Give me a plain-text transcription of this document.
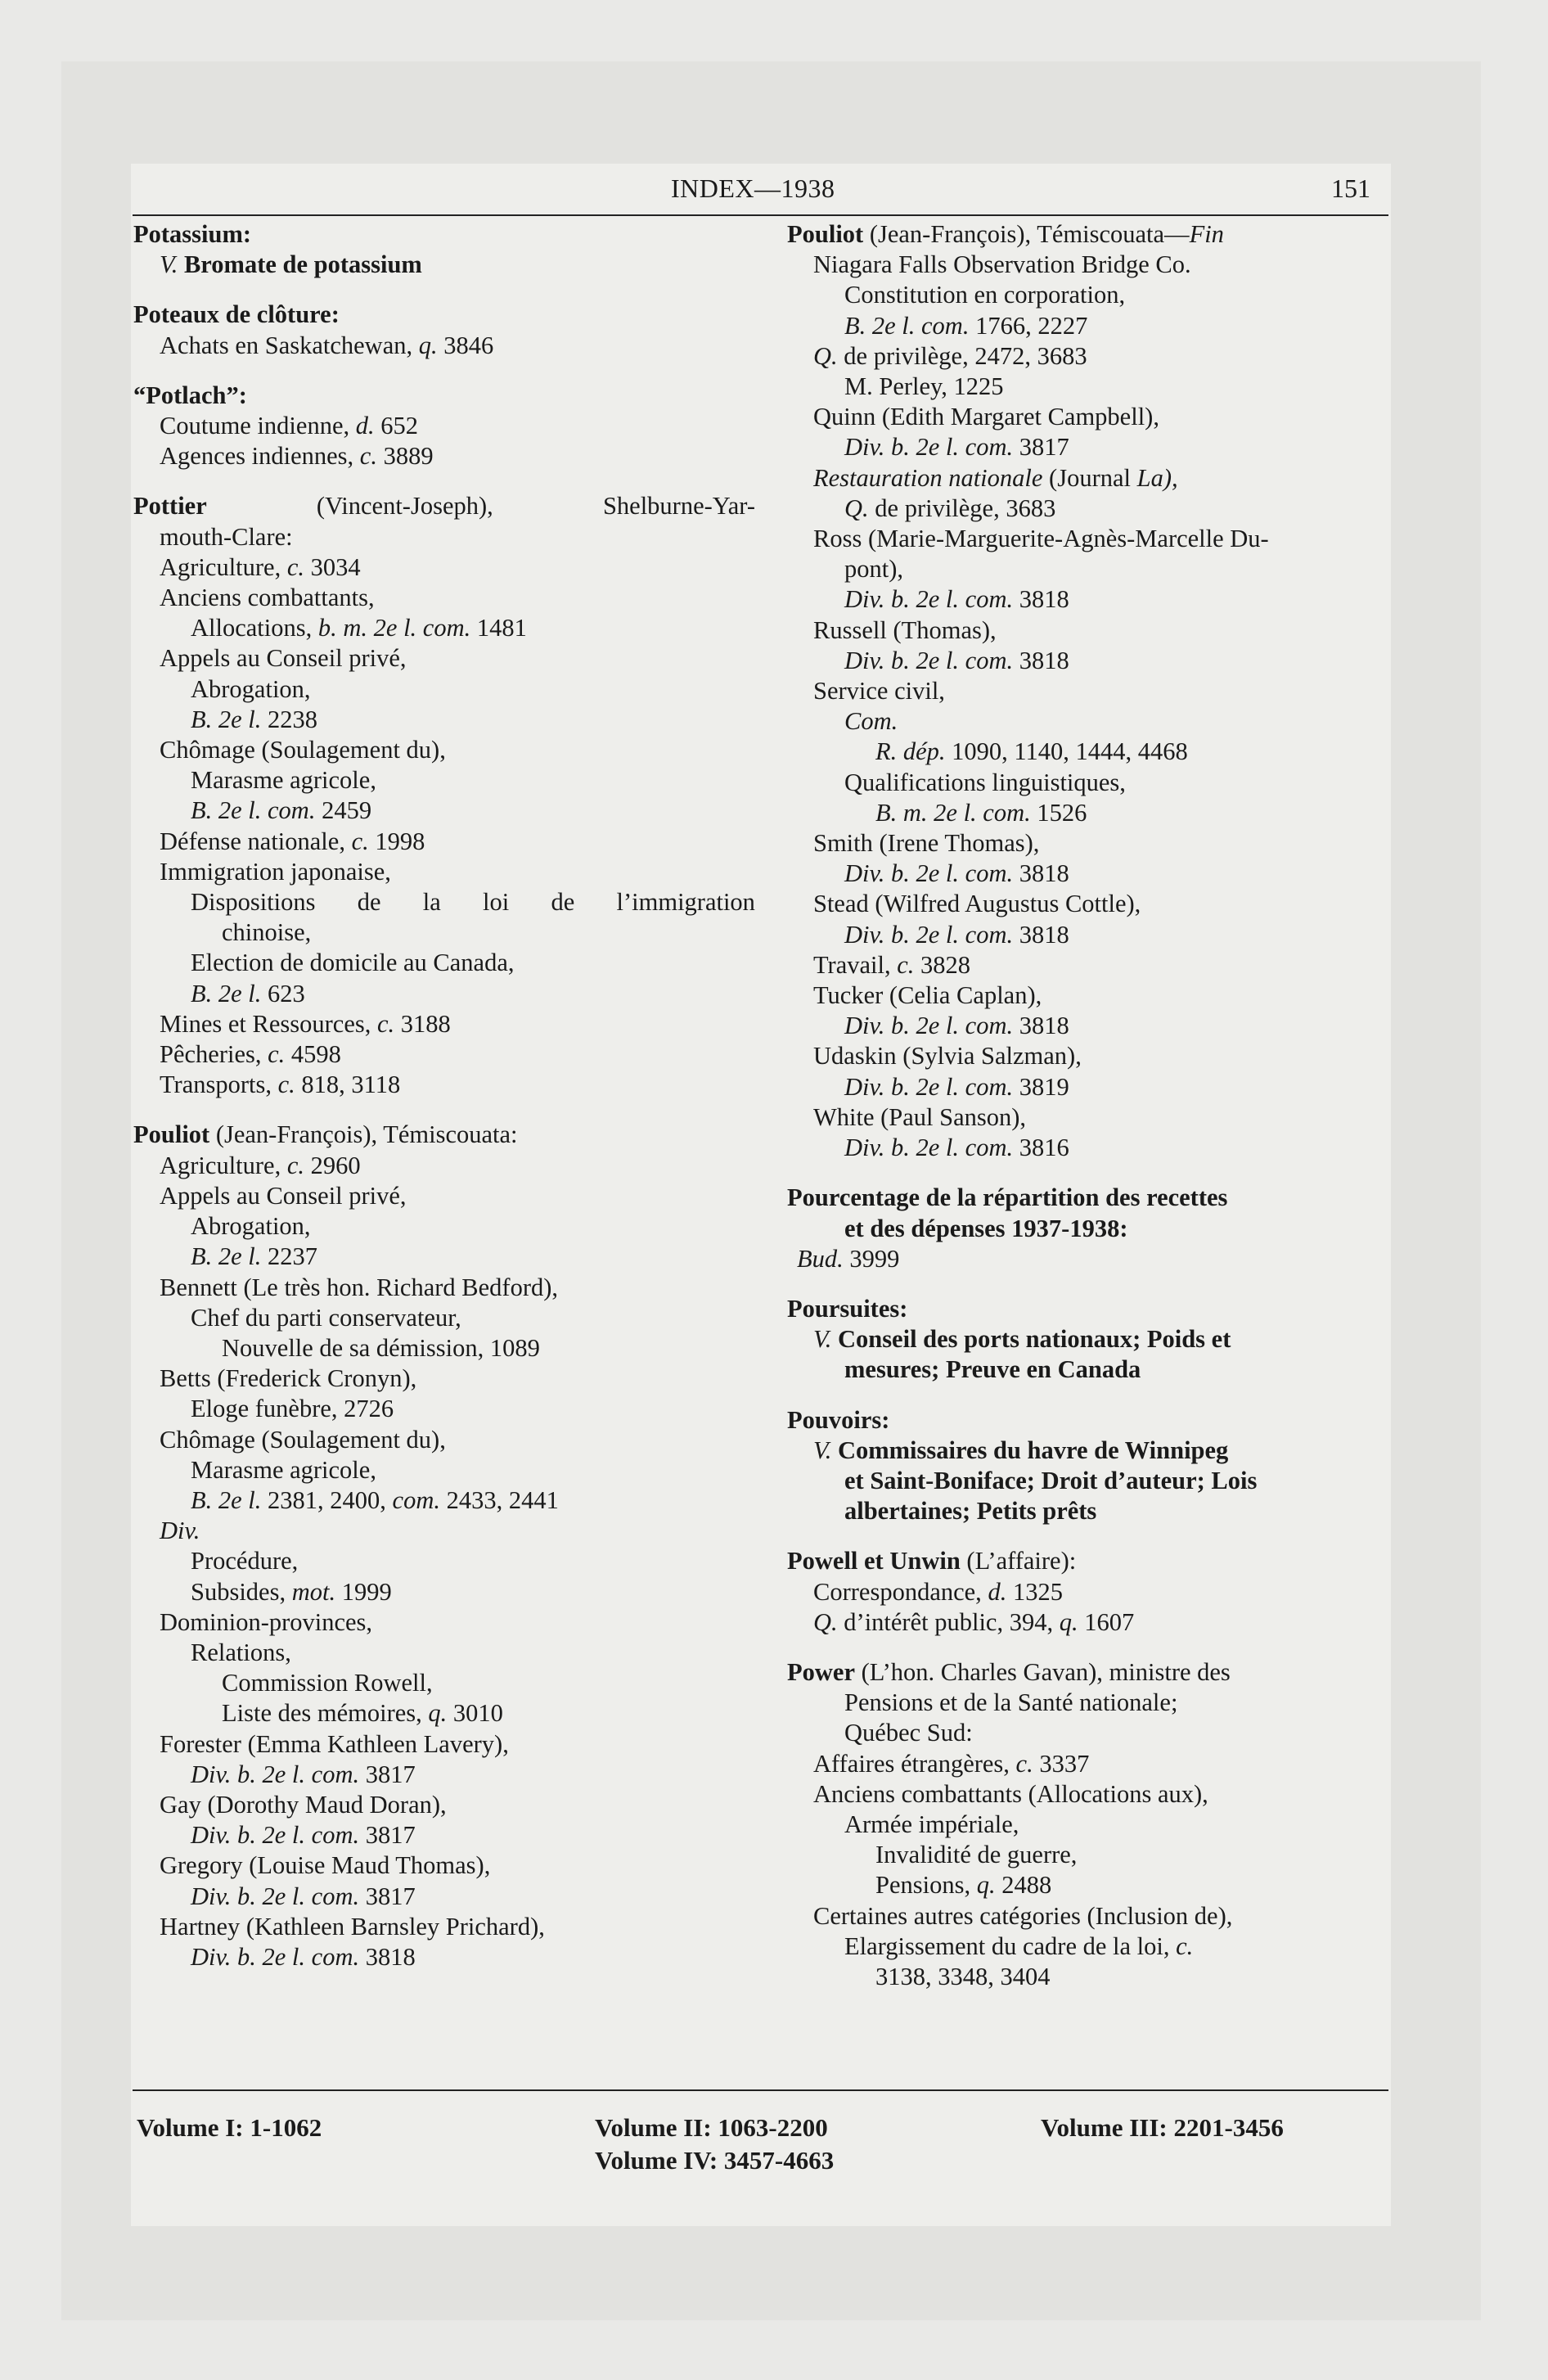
INDEX—1938	151
Potassium:
V. Bromate de potassium
Poteaux de clôture:
Achats en Saskatchewan, q. 3846
“Potlach”:
Coutume indienne, d. 652
Agences indiennes, c. 3889
Pottier	(Vincent-Joseph),	Shelburne-Yar-
mouth-Clare:
Agriculture, c. 3034
Anciens combattants,
Allocations, b. m. 2e l. com. 1481
Appels au Conseil privé,
Abrogation,
B. 2e l. 2238
Chômage (Soulagement du),
Marasme agricole,
B. 2e l. com. 2459
Défense nationale, c. 1998
Immigration japonaise,
Dispositions de la loi de l’immigration
chinoise,
Election de domicile au Canada,
B. 2e l. 623
Mines et Ressources, c. 3188
Pêcheries, c. 4598
Transports, c. 818, 3118
Pouliot (Jean-François), Témiscouata:
Agriculture, c. 2960
Appels au Conseil privé,
Abrogation,
B. 2e l. 2237
Bennett (Le très hon. Richard Bedford),
Chef du parti conservateur,
Nouvelle de sa démission, 1089
Betts (Frederick Cronyn),
Eloge funèbre, 2726
Chômage (Soulagement du),
Marasme agricole,
B. 2e l. 2381, 2400, com. 2433, 2441
Div.
Procédure,
Subsides, mot. 1999
Dominion-provinces,
Relations,
Commission Rowell,
Liste des mémoires, q. 3010
Forester (Emma Kathleen Lavery),
Div. b. 2e l. com. 3817
Gay (Dorothy Maud Doran),
Div. b. 2e l. com. 3817
Gregory (Louise Maud Thomas),
Div. b. 2e l. com. 3817
Hartney (Kathleen Barnsley Prichard),
Div. b. 2e l. com. 3818
Pouliot (Jean-François), Témiscouata—Fin
Niagara Falls Observation Bridge Co.
Constitution en corporation,
B. 2e l. com. 1766, 2227
Q. de privilège, 2472, 3683
M. Perley, 1225
Quinn (Edith Margaret Campbell),
Div. b. 2e l. com. 3817
Restauration nationale (Journal La),
Q. de privilège, 3683
Ross (Marie-Marguerite-Agnès-Marcelle Du-
pont),
Div. b. 2e l. com. 3818
Russell (Thomas),
Div. b. 2e l. com. 3818
Service civil,
Com.
R. dép. 1090, 1140, 1444, 4468
Qualifications linguistiques,
B. m. 2e l. com. 1526
Smith (Irene Thomas),
Div. b. 2e l. com. 3818
Stead (Wilfred Augustus Cottle),
Div. b. 2e l. com. 3818
Travail, c. 3828
Tucker (Celia Caplan),
Div. b. 2e l. com. 3818
Udaskin (Sylvia Salzman),
Div. b. 2e l. com. 3819
White (Paul Sanson),
Div. b. 2e l. com. 3816
Pourcentage de la répartition des recettes
et des dépenses 1937-1938:
Bud. 3999
Poursuites:
V. Conseil des ports nationaux; Poids et
mesures; Preuve en Canada
Pouvoirs:
V. Commissaires du havre de Winnipeg
et Saint-Boniface; Droit d’auteur; Lois
albertaines; Petits prêts
Powell et Unwin (L’affaire):
Correspondance, d. 1325
Q. d’intérêt public, 394, q. 1607
Power (L’hon. Charles Gavan), ministre des
Pensions et de la Santé nationale;
Québec Sud:
Affaires étrangères, c. 3337
Anciens combattants (Allocations aux),
Armée impériale,
Invalidité de guerre,
Pensions, q. 2488
Certaines autres catégories (Inclusion de),
Elargissement du cadre de la loi, c.
3138, 3348, 3404
Volume I: 1-1062	Volume II: 1063-2200	Volume III: 2201-3456
Volume IV: 3457-4663
